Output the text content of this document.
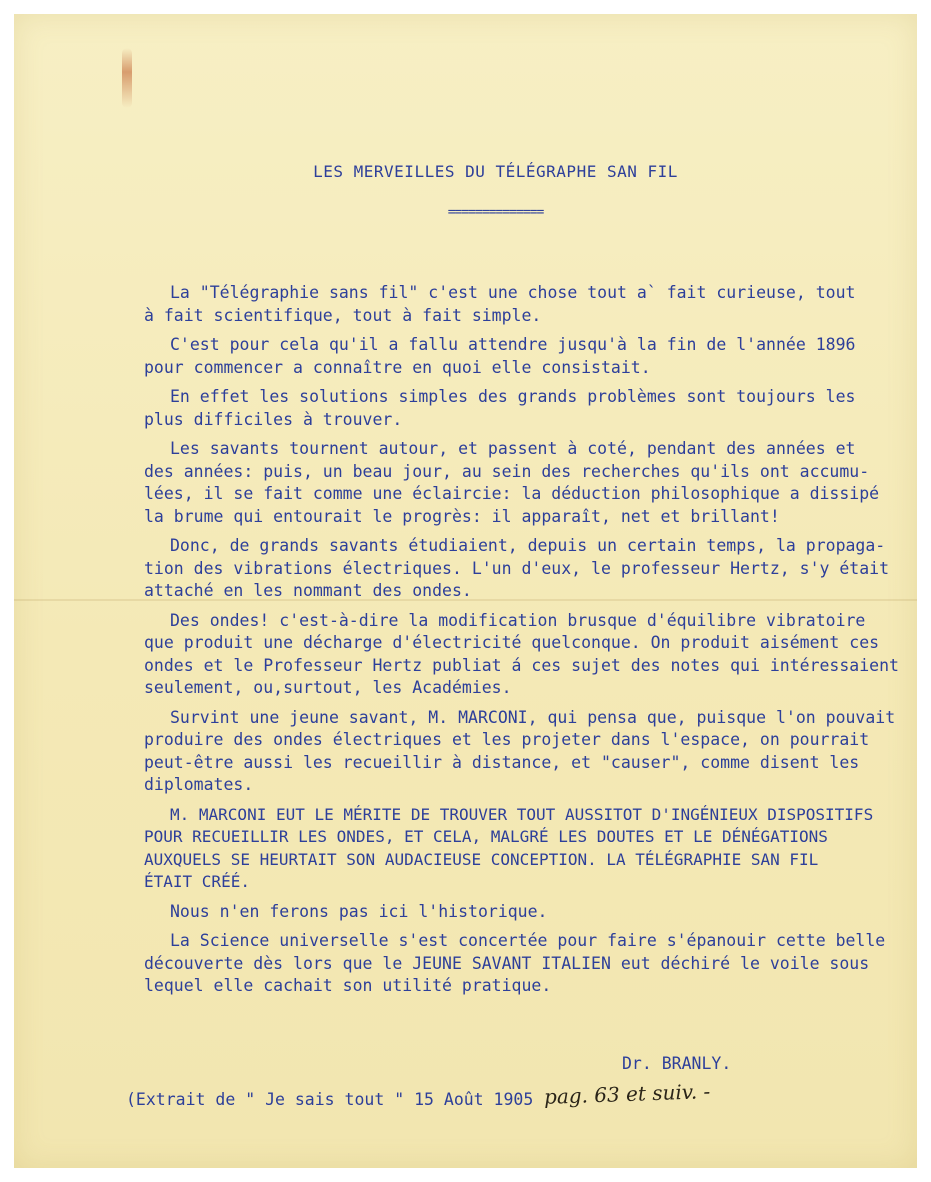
LES MERVEILLES DU TÉLÉGRAPHE SAN FIL
==============
La "Télégraphie sans fil" c'est une chose tout a` fait curieuse, tout
à fait scientifique, tout à fait simple.
C'est pour cela qu'il a fallu attendre jusqu'à la fin de l'année 1896
pour commencer a connaître en quoi elle consistait.
En effet les solutions simples des grands problèmes sont toujours les
plus difficiles à trouver.
Les savants tournent autour, et passent à coté, pendant des années et
des années: puis, un beau jour, au sein des recherches qu'ils ont accumu-
lées, il se fait comme une éclaircie: la déduction philosophique a dissipé
la brume qui entourait le progrès: il apparaît, net et brillant!
Donc, de grands savants étudiaient, depuis un certain temps, la propaga-
tion des vibrations électriques. L'un d'eux, le professeur Hertz, s'y était
attaché en les nommant des ondes.
Des ondes! c'est-à-dire la modification brusque d'équilibre vibratoire
que produit une décharge d'électricité quelconque. On produit aisément ces
ondes et le Professeur Hertz publiat á ces sujet des notes qui intéressaient
seulement, ou,surtout, les Académies.
Survint une jeune savant, M. MARCONI, qui pensa que, puisque l'on pouvait
produire des ondes électriques et les projeter dans l'espace, on pourrait
peut-être aussi les recueillir à distance, et "causer", comme disent les
diplomates.
M. MARCONI EUT LE MÉRITE DE TROUVER TOUT AUSSITOT D'INGÉNIEUX DISPOSITIFS
POUR RECUEILLIR LES ONDES, ET CELA, MALGRÉ LES DOUTES ET LE DÉNÉGATIONS
AUXQUELS SE HEURTAIT SON AUDACIEUSE CONCEPTION. LA TÉLÉGRAPHIE SAN FIL
ÉTAIT CRÉÉ.
Nous n'en ferons pas ici l'historique.
La Science universelle s'est concertée pour faire s'épanouir cette belle
découverte dès lors que le JEUNE SAVANT ITALIEN eut déchiré le voile sous
lequel elle cachait son utilité pratique.
Dr. BRANLY.
(Extrait de " Je sais tout " 15 Août 1905 pag. 63 et suiv. -
